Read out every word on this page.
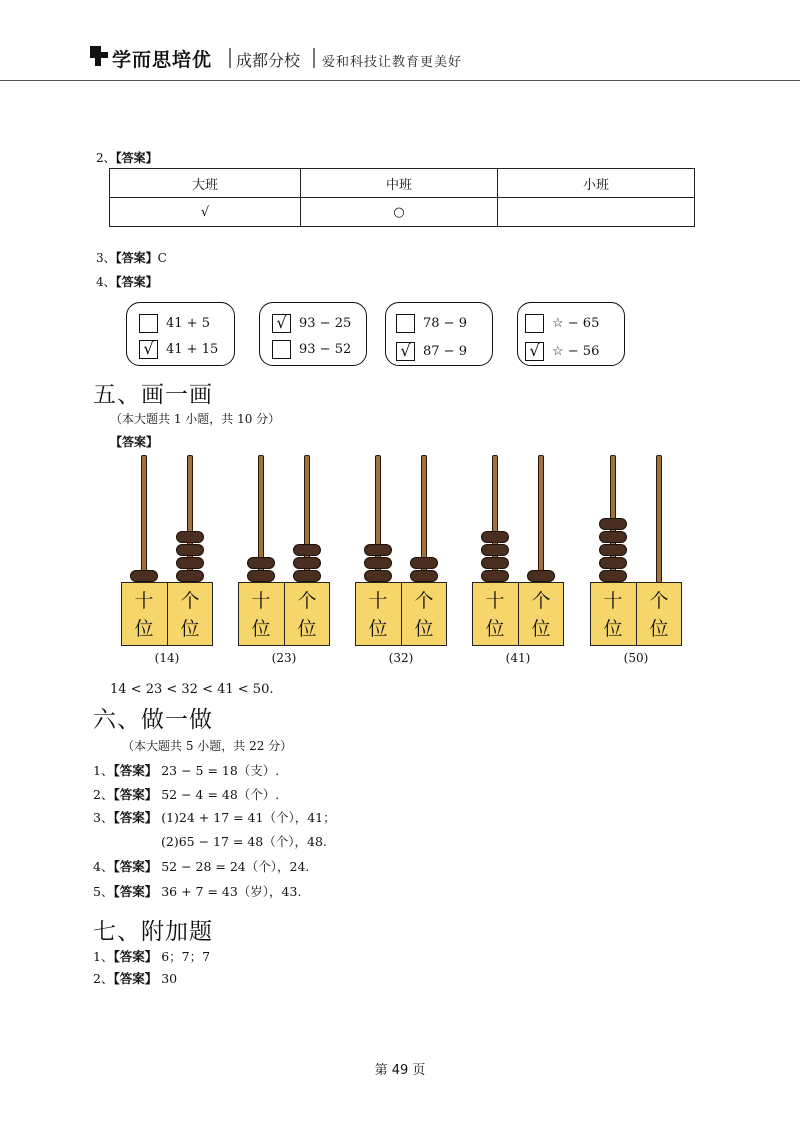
学而思培优 成都分校 爱和科技让教育更美好
2、【答案】
大班	中班	小班
√	○	
3、【答案】C
4、【答案】
41 + 5
√ 41 + 15
√ 93 − 25
93 − 52
78 − 9
√ 87 − 9
☆ − 65
√ ☆ − 56
五、画一画
（本大题共 1 小题，共 10 分）
【答案】
十
位
个
位
(14)
十
位
个
位
(23)
十
位
个
位
(32)
十
位
个
位
(41)
十
位
个
位
(50)
14 < 23 < 32 < 41 < 50.
六、做一做
（本大题共 5 小题，共 22 分）
1、【答案】 23 − 5 = 18（支）.
2、【答案】 52 − 4 = 48（个）.
3、【答案】 (1)24 + 17 = 41（个），41；
(2)65 − 17 = 48（个），48.
4、【答案】 52 − 28 = 24（个），24.
5、【答案】 36 + 7 = 43（岁），43.
七、附加题
1、【答案】 6；7；7
2、【答案】 30
第 49 页
